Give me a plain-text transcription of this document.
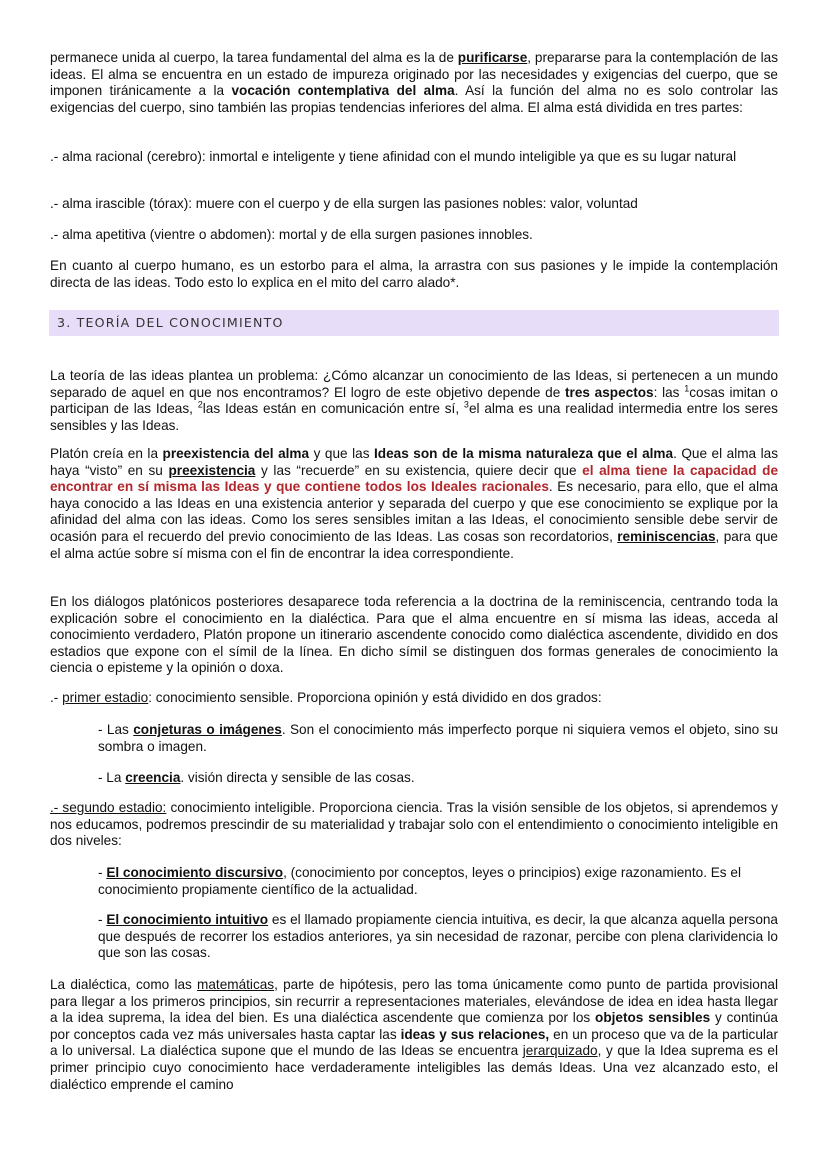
permanece unida al cuerpo, la tarea fundamental del alma es la de purificarse, prepararse para la contemplación de las ideas. El alma se encuentra en un estado de impureza originado por las necesidades y exigencias del cuerpo, que se imponen tiránicamente a la vocación contemplativa del alma. Así la función del alma no es solo controlar las exigencias del cuerpo, sino también las propias tendencias inferiores del alma. El alma está dividida en tres partes:

.- alma racional (cerebro): inmortal e inteligente y tiene afinidad con el mundo inteligible ya que es su lugar natural

.- alma irascible (tórax): muere con el cuerpo y de ella surgen las pasiones nobles: valor, voluntad

.- alma apetitiva (vientre o abdomen): mortal y de ella surgen pasiones innobles.

En cuanto al cuerpo humano, es un estorbo para el alma, la arrastra con sus pasiones y le impide la contemplación directa de las ideas. Todo esto lo explica en el mito del carro alado*.

3. TEORÍA DEL CONOCIMIENTO

La teoría de las ideas plantea un problema: ¿Cómo alcanzar un conocimiento de las Ideas, si pertenecen a un mundo separado de aquel en que nos encontramos? El logro de este objetivo depende de tres aspectos: las $^1$cosas imitan o participan de las Ideas, $^2$las Ideas están en comunicación entre sí, $^3$el alma es una realidad intermedia entre los seres sensibles y las Ideas.

Platón creía en la preexistencia del alma y que las Ideas son de la misma naturaleza que el alma. Que el alma las haya “visto” en su preexistencia y las “recuerde” en su existencia, quiere decir que el alma tiene la capacidad de encontrar en sí misma las Ideas y que contiene todos los Ideales racionales. Es necesario, para ello, que el alma haya conocido a las Ideas en una existencia anterior y separada del cuerpo y que ese conocimiento se explique por la afinidad del alma con las ideas. Como los seres sensibles imitan a las Ideas, el conocimiento sensible debe servir de ocasión para el recuerdo del previo conocimiento de las Ideas. Las cosas son recordatorios, reminiscencias, para que el alma actúe sobre sí misma con el fin de encontrar la idea correspondiente.

En los diálogos platónicos posteriores desaparece toda referencia a la doctrina de la reminiscencia, centrando toda la explicación sobre el conocimiento en la dialéctica. Para que el alma encuentre en sí misma las ideas, acceda al conocimiento verdadero, Platón propone un itinerario ascendente conocido como dialéctica ascendente, dividido en dos estadios que expone con el símil de la línea. En dicho símil se distinguen dos formas generales de conocimiento la ciencia o episteme y la opinión o doxa.

.- primer estadio: conocimiento sensible. Proporciona opinión y está dividido en dos grados:

- Las conjeturas o imágenes. Son el conocimiento más imperfecto porque ni siquiera vemos el objeto, sino su sombra o imagen.

- La creencia. visión directa y sensible de las cosas.

.- segundo estadio: conocimiento inteligible. Proporciona ciencia. Tras la visión sensible de los objetos, si aprendemos y nos educamos, podremos prescindir de su materialidad y trabajar solo con el entendimiento o conocimiento inteligible en dos niveles:

- El conocimiento discursivo, (conocimiento por conceptos, leyes o principios) exige razonamiento. Es el conocimiento propiamente científico de la actualidad.

- El conocimiento intuitivo es el llamado propiamente ciencia intuitiva, es decir, la que alcanza aquella persona que después de recorrer los estadios anteriores, ya sin necesidad de razonar, percibe con plena clarividencia lo que son las cosas.

La dialéctica, como las matemáticas, parte de hipótesis, pero las toma únicamente como punto de partida provisional para llegar a los primeros principios, sin recurrir a representaciones materiales, elevándose de idea en idea hasta llegar a la idea suprema, la idea del bien. Es una dialéctica ascendente que comienza por los objetos sensibles y continúa por conceptos cada vez más universales hasta captar las ideas y sus relaciones, en un proceso que va de la particular a lo universal. La dialéctica supone que el mundo de las Ideas se encuentra jerarquizado, y que la Idea suprema es el primer principio cuyo conocimiento hace verdaderamente inteligibles las demás Ideas. Una vez alcanzado esto, el dialéctico emprende el camino
